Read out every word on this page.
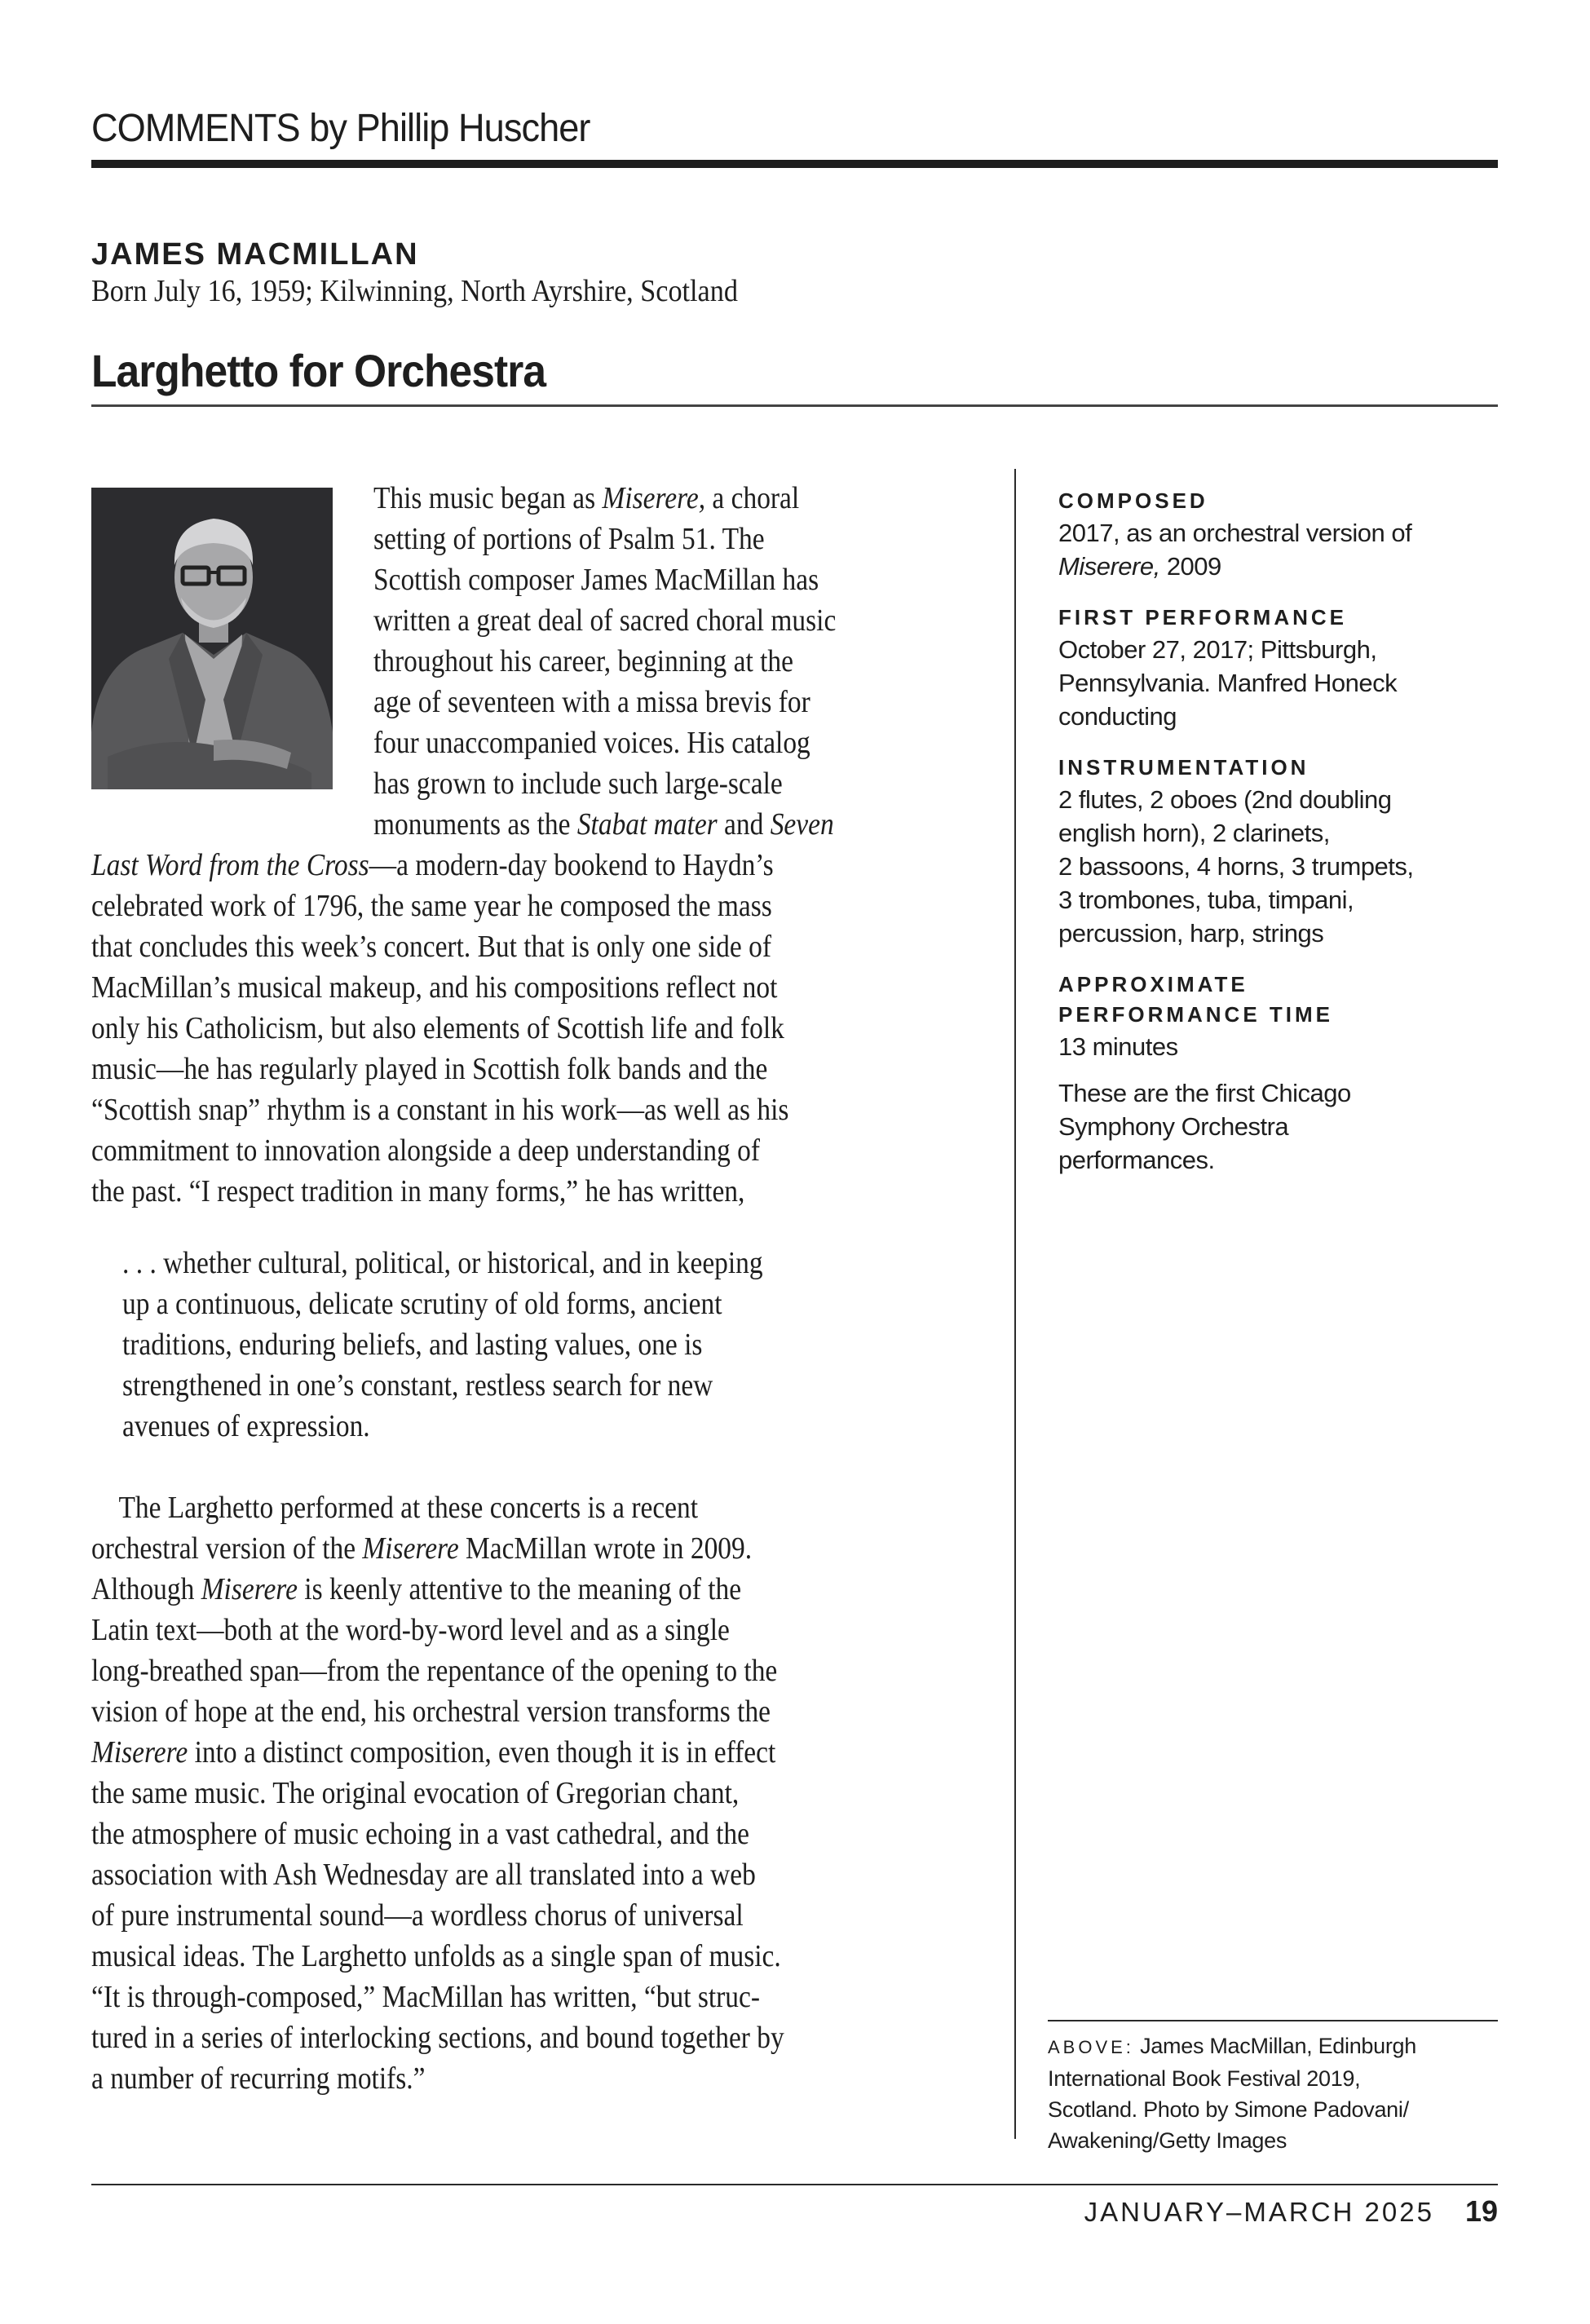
COMMENTS by Phillip Huscher
JAMES MACMILLAN
Born July 16, 1959; Kilwinning, North Ayrshire, Scotland
Larghetto for Orchestra
This music began as Miserere, a choral
setting of portions of Psalm 51. The
Scottish composer James MacMillan has
written a great deal of sacred choral music
throughout his career, beginning at the
age of seventeen with a missa brevis for
four unaccompanied voices. His catalog
has grown to include such large-scale
monuments as the Stabat mater and Seven
Last Word from the Cross—a modern-day bookend to Haydn’s
celebrated work of 1796, the same year he composed the mass
that concludes this week’s concert. But that is only one side of
MacMillan’s musical makeup, and his compositions reflect not
only his Catholicism, but also elements of Scottish life and folk
music—he has regularly played in Scottish folk bands and the
“Scottish snap” rhythm is a constant in his work—as well as his
commitment to innovation alongside a deep understanding of
the past. “I respect tradition in many forms,” he has written,
. . . whether cultural, political, or historical, and in keeping
up a continuous, delicate scrutiny of old forms, ancient
traditions, enduring beliefs, and lasting values, one is
strengthened in one’s constant, restless search for new
avenues of expression.
 The Larghetto performed at these concerts is a recent
orchestral version of the Miserere MacMillan wrote in 2009.
Although Miserere is keenly attentive to the meaning of the
Latin text—both at the word-by-word level and as a single
long-breathed span—from the repentance of the opening to the
vision of hope at the end, his orchestral version transforms the
Miserere into a distinct composition, even though it is in effect
the same music. The original evocation of Gregorian chant,
the atmosphere of music echoing in a vast cathedral, and the
association with Ash Wednesday are all translated into a web
of pure instrumental sound—a wordless chorus of universal
musical ideas. The Larghetto unfolds as a single span of music.
“It is through-composed,” MacMillan has written, “but struc-
tured in a series of interlocking sections, and bound together by
a number of recurring motifs.”
COMPOSED
2017, as an orchestral version of
Miserere, 2009
FIRST PERFORMANCE
October 27, 2017; Pittsburgh,
Pennsylvania. Manfred Honeck
conducting
INSTRUMENTATION
2 flutes, 2 oboes (2nd doubling
english horn), 2 clarinets,
2 bassoons, 4 horns, 3 trumpets,
3 trombones, tuba, timpani,
percussion, harp, strings
APPROXIMATE
PERFORMANCE TIME
13 minutes
These are the first Chicago
Symphony Orchestra
performances.
ABOVE: James MacMillan, Edinburgh
International Book Festival 2019,
Scotland. Photo by Simone Padovani/
Awakening/Getty Images
JANUARY–MARCH 2025 19
